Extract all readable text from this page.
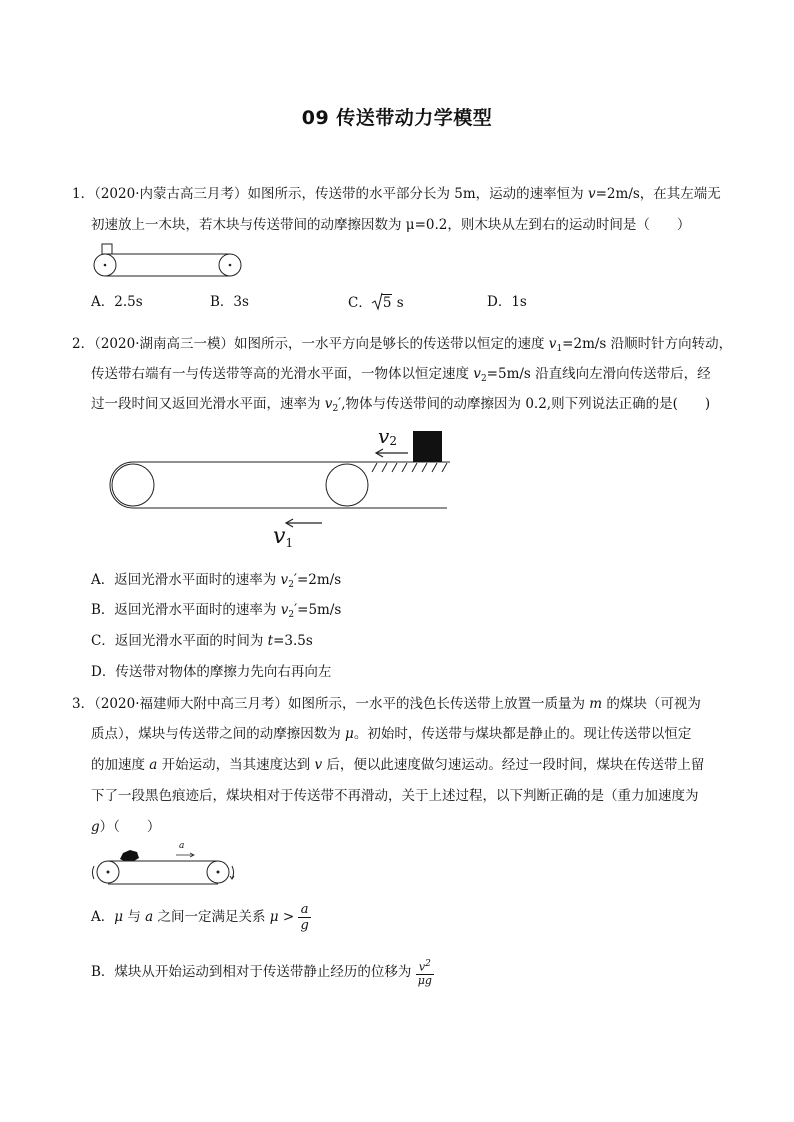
09 传送带动力学模型
1．（2020·内蒙古高三月考）如图所示，传送带的水平部分长为 5m，运动的速率恒为 v=2m/s，在其左端无
初速放上一木块，若木块与传送带间的动摩擦因数为 μ=0.2，则木块从左到右的运动时间是（　　）
A．2.5s	B．3s	C． 5 s	D．1s
2．（2020·湖南高三一模）如图所示，一水平方向是够长的传送带以恒定的速度 $v_1=2m/s$ 沿顺时针方向转动，
传送带右端有一与传送带等高的光滑水平面，一物体以恒定速度 $v_2=5m/s$ 沿直线向左滑向传送带后，经
过一段时间又返回光滑水平面，速率为 $v_2'$,物体与传送带间的动摩擦因为 0.2,则下列说法正确的是(　　)
$v_2$
$v_1$
A．返回光滑水平面时的速率为 $v_2'=2m/s$
B．返回光滑水平面时的速率为 $v_2'=5m/s$
C．返回光滑水平面的时间为 t=3.5s
D．传送带对物体的摩擦力先向右再向左
3．（2020·福建师大附中高三月考）如图所示，一水平的浅色长传送带上放置一质量为 m 的煤块（可视为
质点），煤块与传送带之间的动摩擦因数为 μ。初始时，传送带与煤块都是静止的。现让传送带以恒定
的加速度 a 开始运动，当其速度达到 v 后，便以此速度做匀速运动。经过一段时间，煤块在传送带上留
下了一段黑色痕迹后，煤块相对于传送带不再滑动，关于上述过程，以下判断正确的是（重力加速度为
g）（　　）
a
A．μ 与 a 之间一定满足关系 $\mu > \frac{a}{g}$
B．煤块从开始运动到相对于传送带静止经历的位移为 $\frac{v^2}{\mu g}$
